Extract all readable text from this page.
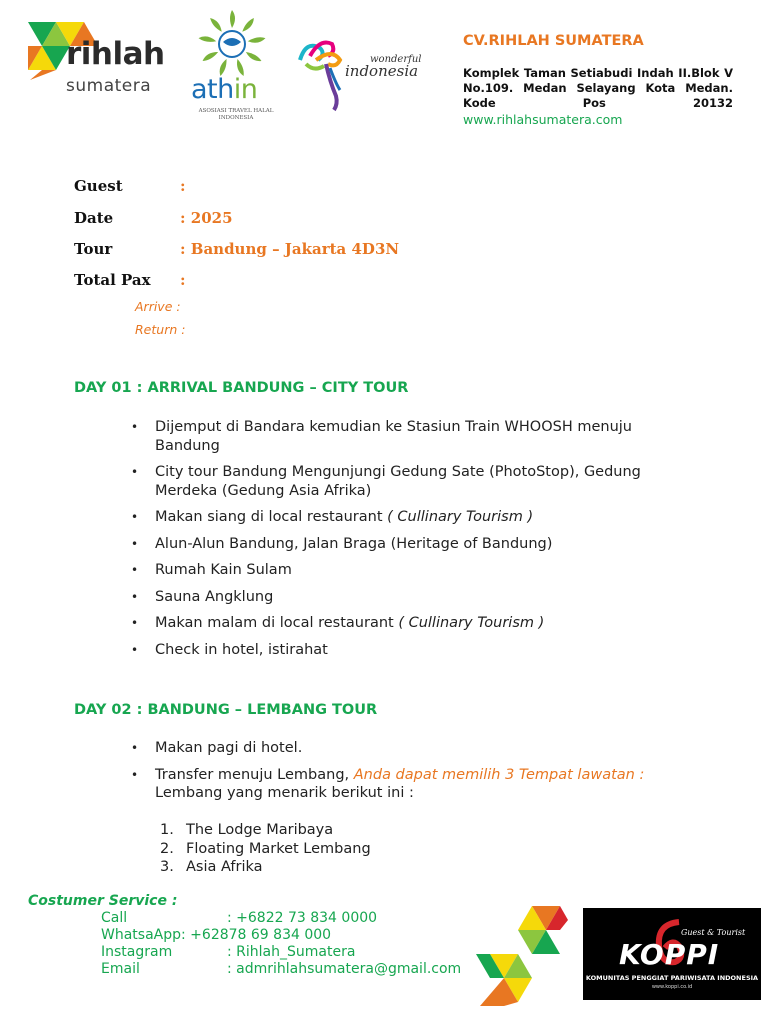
rihlah
sumatera athin
ASOSIASI TRAVEL HALAL INDONESIA
wonderful
indonesia
CV.RIHLAH SUMATERA
Komplek Taman Setiabudi Indah II.Blok V No.109. Medan Selayang Kota Medan. Kode Pos 20132
www.rihlahsumatera.com
Guest	:
Date	: 2025
Tour	: Bandung – Jakarta 4D3N
Total Pax :
Arrive :
Return :
DAY 01 : ARRIVAL BANDUNG – CITY TOUR
• Dijemput di Bandara kemudian ke Stasiun Train WHOOSH menuju Bandung
• City tour Bandung Mengunjungi Gedung Sate (PhotoStop), Gedung Merdeka (Gedung Asia Afrika)
• Makan siang di local restaurant ( Cullinary Tourism )
• Alun-Alun Bandung, Jalan Braga (Heritage of Bandung)
• Rumah Kain Sulam
• Sauna Angklung
• Makan malam di local restaurant ( Cullinary Tourism )
• Check in hotel, istirahat
DAY 02 : BANDUNG – LEMBANG TOUR
• Makan pagi di hotel.
• Transfer menuju Lembang, Anda dapat memilih 3 Tempat lawatan :
Lembang yang menarik berikut ini :
1. The Lodge Maribaya
2. Floating Market Lembang
3. Asia Afrika
Costumer Service :
Call	: +6822 73 834 0000
WhatsaApp: +62878 69 834 000
Instagram	: Rihlah_Sumatera
Email	: admrihlahsumatera@gmail.com	KOPPI
Guest & Tourist
KOMUNITAS PENGGIAT PARIWISATA INDONESIA
www.koppi.co.id
